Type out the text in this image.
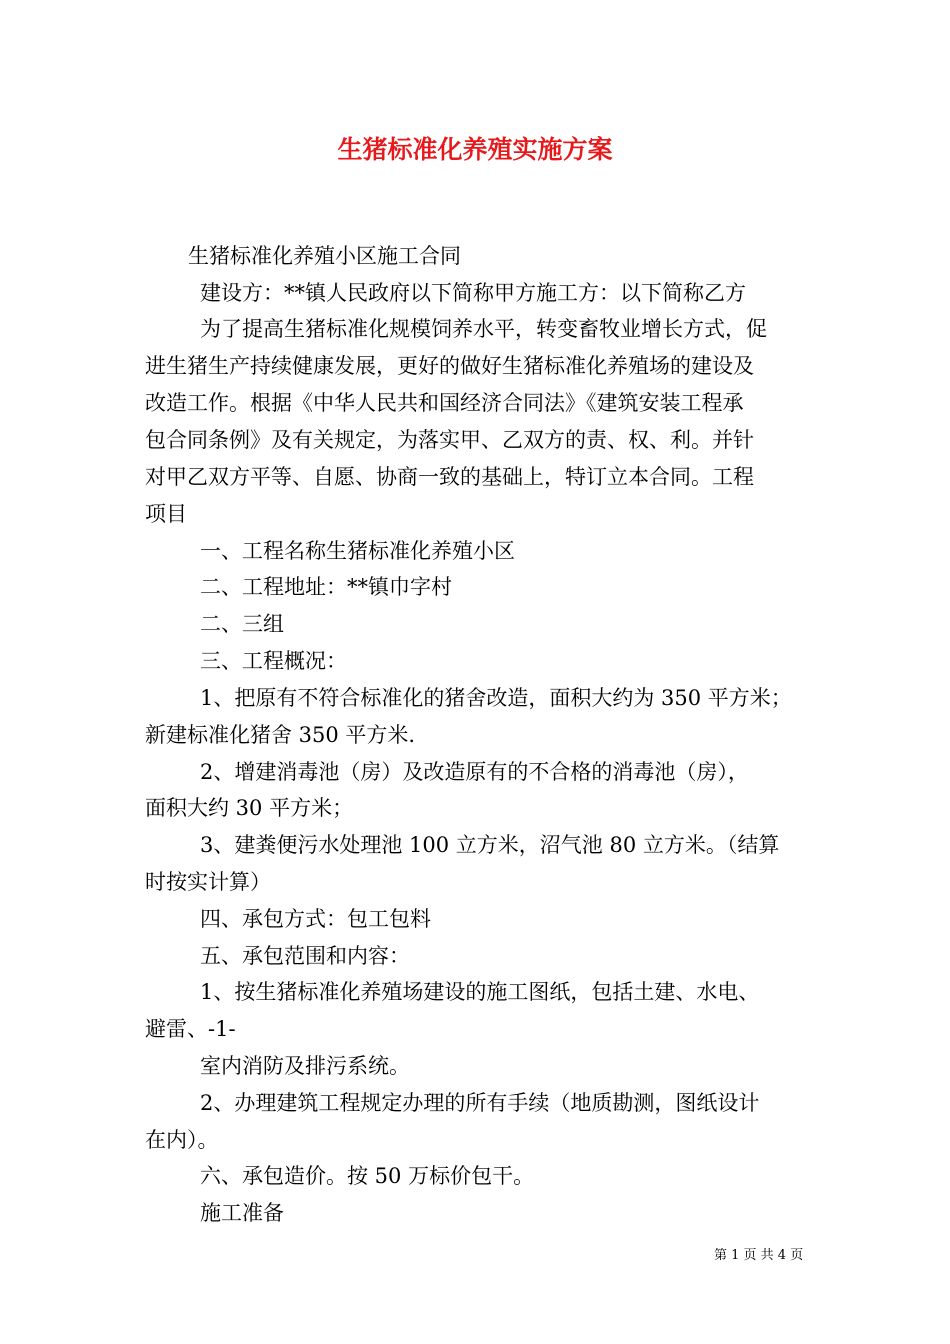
生猪标准化养殖实施方案
生猪标准化养殖小区施工合同
建设方：**镇人民政府以下简称甲方施工方：以下简称乙方
为了提高生猪标准化规模饲养水平，转变畜牧业增长方式，促
进生猪生产持续健康发展，更好的做好生猪标准化养殖场的建设及
改造工作。根据《中华人民共和国经济合同法》《建筑安装工程承
包合同条例》及有关规定，为落实甲、乙双方的责、权、利。并针
对甲乙双方平等、自愿、协商一致的基础上，特订立本合同。工程
项目
一、工程名称生猪标准化养殖小区
二、工程地址：**镇巾字村
二、三组
三、工程概况：
1、把原有不符合标准化的猪舍改造，面积大约为 350 平方米；
新建标准化猪舍 350 平方米.
2、增建消毒池（房）及改造原有的不合格的消毒池（房），
面积大约 30 平方米；
3、建粪便污水处理池 100 立方米，沼气池 80 立方米。（结算
时按实计算）
四、承包方式：包工包料
五、承包范围和内容：
1、按生猪标准化养殖场建设的施工图纸，包括土建、水电、
避雷、-1-
室内消防及排污系统。
2、办理建筑工程规定办理的所有手续（地质勘测，图纸设计
在内）。
六、承包造价。按 50 万标价包干。
施工准备
第 1 页 共 4 页
